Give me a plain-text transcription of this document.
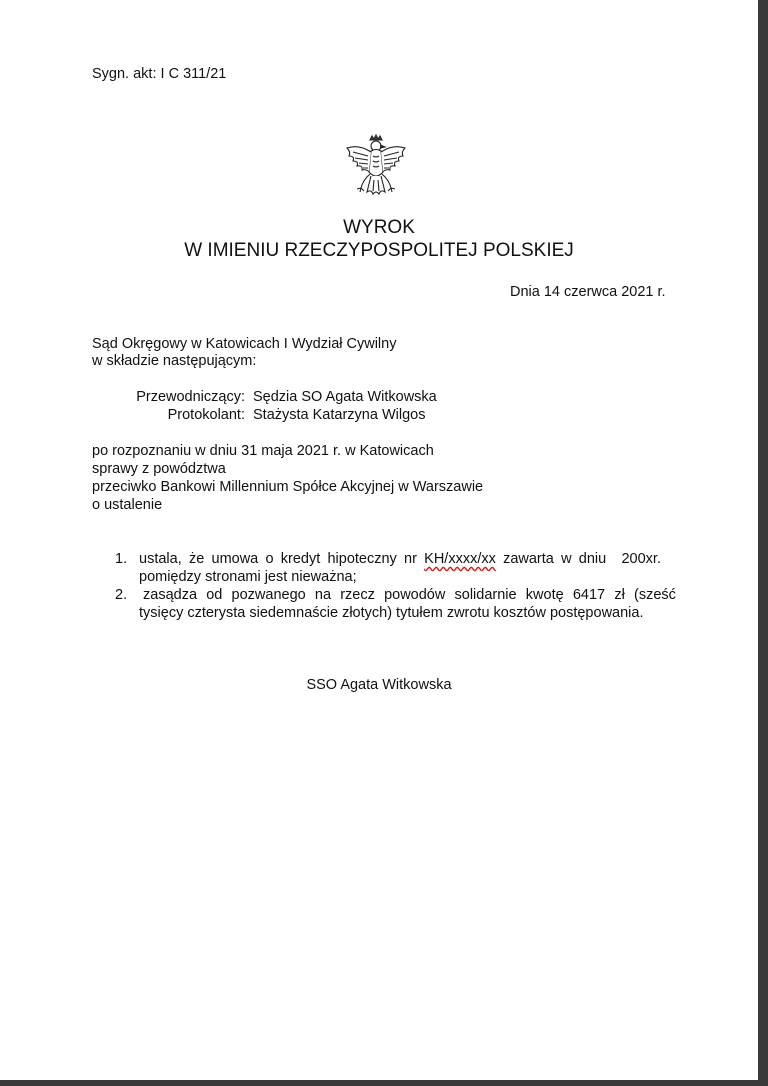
Sygn. akt: I C 311/21
WYROK
W IMIENIU RZECZYPOSPOLITEJ POLSKIEJ
Dnia 14 czerwca 2021 r.
Sąd Okręgowy w Katowicach I Wydział Cywilny
w składzie następującym:
Przewodniczący: Sędzia SO Agata Witkowska
Protokolant: Stażysta Katarzyna Wilgos
po rozpoznaniu w dniu 31 maja 2021 r. w Katowicach
sprawy z powództwa
przeciwko Bankowi Millennium Spółce Akcyjnej w Warszawie
o ustalenie
1. ustala, że umowa o kredyt hipoteczny nr KH/xxxx/xx zawarta w dniu 200xr.
pomiędzy stronami jest nieważna;
2. zasądza od pozwanego na rzecz powodów solidarnie kwotę 6417 zł (sześć
tysięcy czterysta siedemnaście złotych) tytułem zwrotu kosztów postępowania.
SSO Agata Witkowska
